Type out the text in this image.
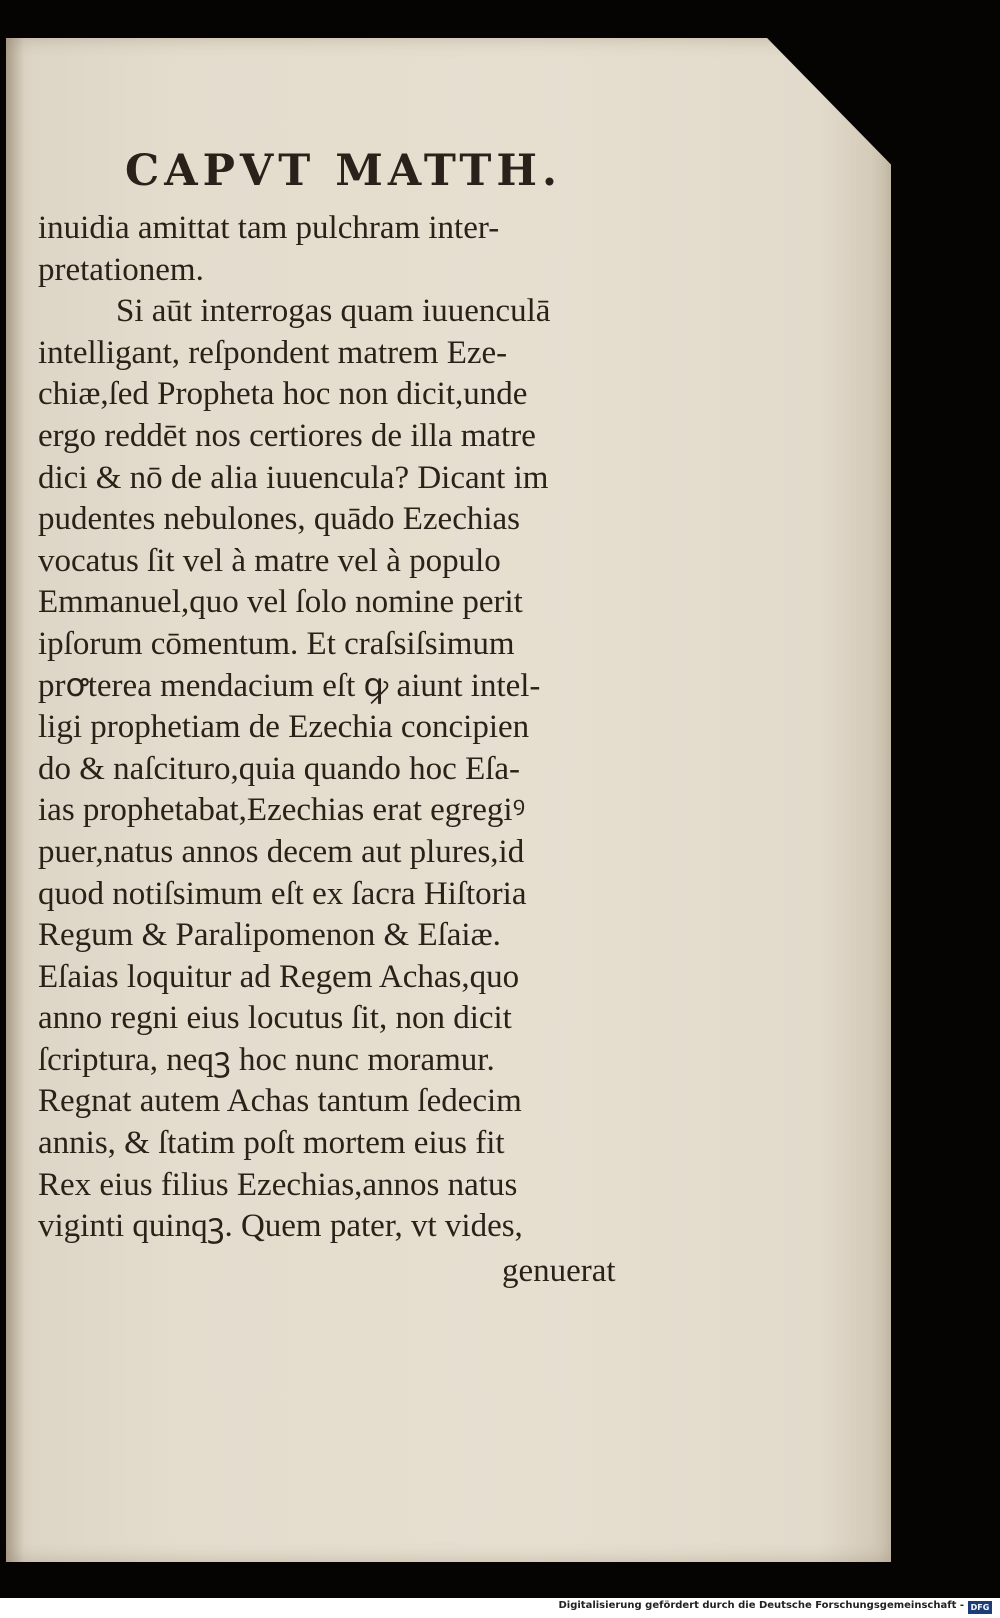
CAPVT MATTH.
inuidia amittat tam pulchram inter-
pretationem.
Si aūt interrogas quam iuuenculā
intelligant, reſpondent matrem Eze-
chiæ,ſed Propheta hoc non dicit,unde
ergo reddēt nos certiores de illa matre
dici & nō de alia iuuencula? Dicant im
pudentes nebulones, quādo Ezechias
vocatus ſit vel à matre vel à populo
Emmanuel,quo vel ſolo nomine perit
ipſorum cōmentum. Et craſsiſsimum
prꝍterea mendacium eſt ꝙ aiunt intel-
ligi prophetiam de Ezechia concipien
do & naſcituro,quia quando hoc Eſa-
ias prophetabat,Ezechias erat egregiꝰ
puer,natus annos decem aut plures,id
quod notiſsimum eſt ex ſacra Hiſtoria
Regum & Paralipomenon & Eſaiæ.
Eſaias loquitur ad Regem Achas,quo
anno regni eius locutus ſit, non dicit
ſcriptura, neqꝫ hoc nunc moramur.
Regnat autem Achas tantum ſedecim
annis, & ſtatim poſt mortem eius fit
Rex eius filius Ezechias,annos natus
viginti quinqꝫ. Quem pater, vt vides,

genuerat

Digitalisierung gefördert durch die Deutsche Forschungsgemeinschaft - DFG
